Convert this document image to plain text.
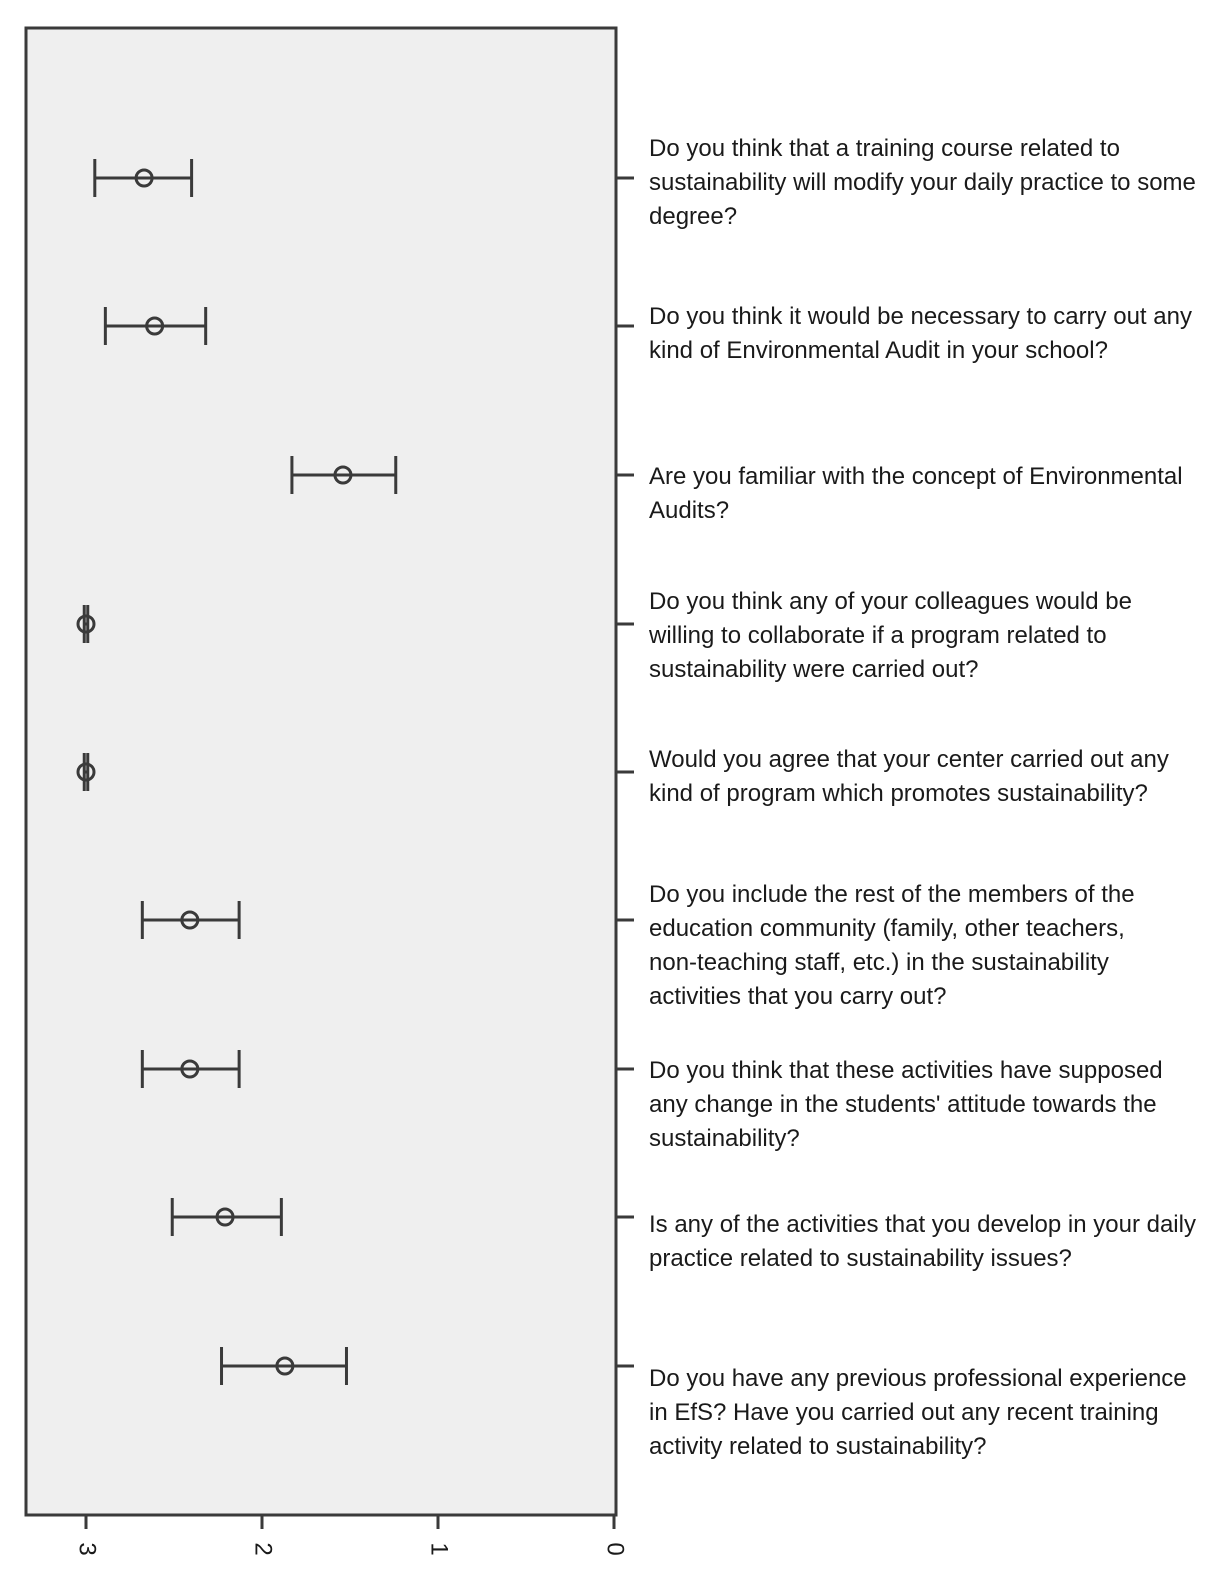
0
1
2
3
Do you think that a training course related to sustainability will modify your daily practice to some degree?
Do you think it would be necessary to carry out any kind of Environmental Audit in your school?
Are you familiar with the concept of Environmental Audits?
Do you think any of your colleagues would be willing to collaborate if a program related to sustainability were carried out?
Would you agree that your center carried out any kind of program which promotes sustainability?
Do you include the rest of the members of the education community (family, other teachers, non-teaching staff, etc.) in the sustainability activities that you carry out?
Do you think that these activities have supposed any change in the students' attitude towards the sustainability?
Is any of the activities that you develop in your daily practice related to sustainability issues?
Do you have any previous professional experience in EfS? Have you carried out any recent training activity related to sustainability?
